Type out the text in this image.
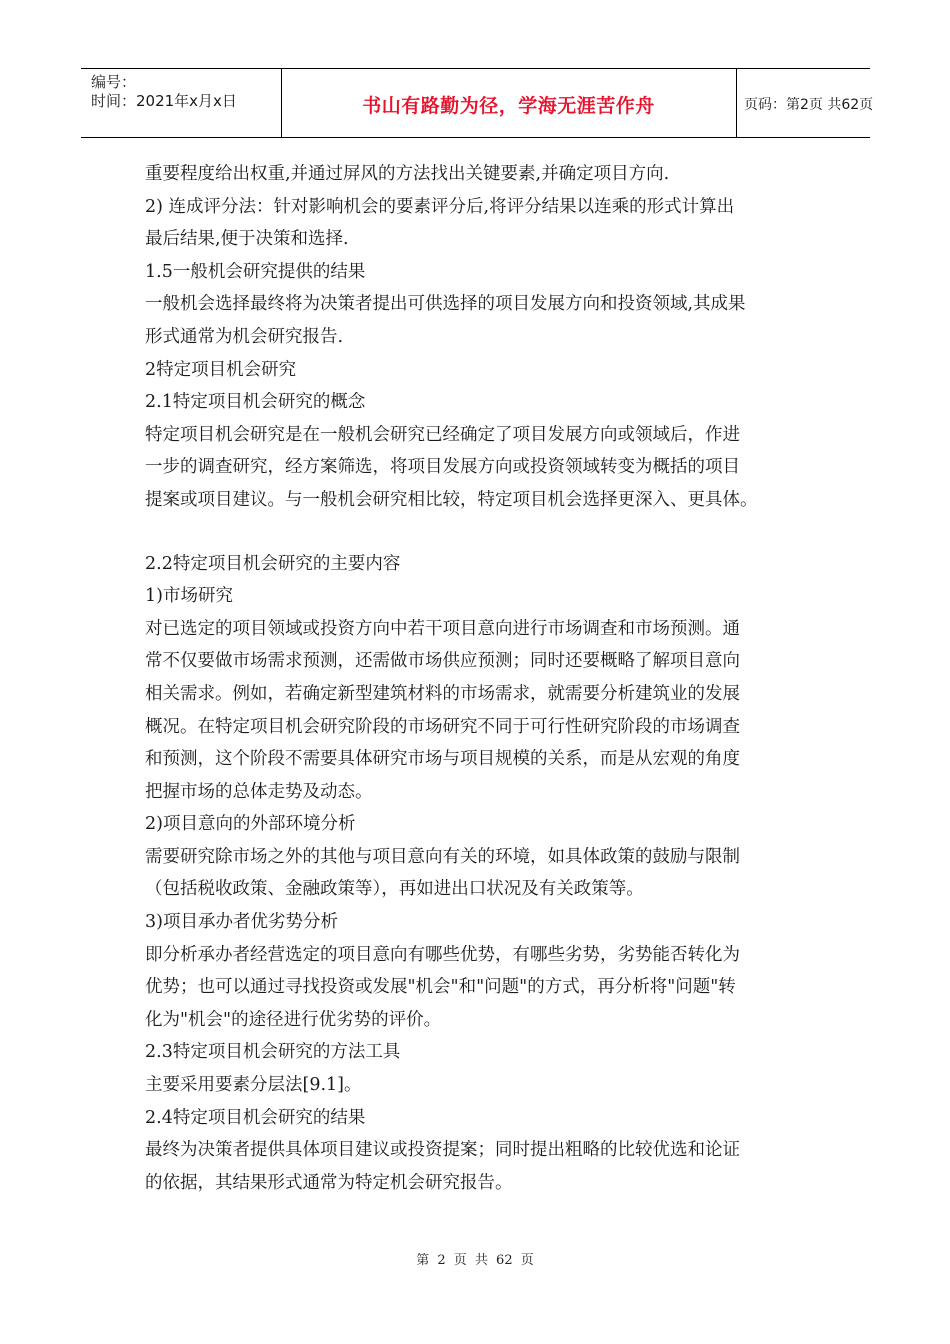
编号：
时间：2021年x月x日	书山有路勤为径，学海无涯苦作舟	页码：第2页 共62页
重要程度给出权重,并通过屏风的方法找出关键要素,并确定项目方向.
2) 连成评分法：针对影响机会的要素评分后,将评分结果以连乘的形式计算出
最后结果,便于决策和选择.
1.5一般机会研究提供的结果
一般机会选择最终将为决策者提出可供选择的项目发展方向和投资领域,其成果
形式通常为机会研究报告.
2特定项目机会研究
2.1特定项目机会研究的概念
特定项目机会研究是在一般机会研究已经确定了项目发展方向或领域后，作进
一步的调查研究，经方案筛选，将项目发展方向或投资领域转变为概括的项目
提案或项目建议。与一般机会研究相比较，特定项目机会选择更深入、更具体。
2.2特定项目机会研究的主要内容
1)市场研究
对已选定的项目领域或投资方向中若干项目意向进行市场调查和市场预测。通
常不仅要做市场需求预测，还需做市场供应预测；同时还要概略了解项目意向
相关需求。例如，若确定新型建筑材料的市场需求，就需要分析建筑业的发展
概况。在特定项目机会研究阶段的市场研究不同于可行性研究阶段的市场调查
和预测，这个阶段不需要具体研究市场与项目规模的关系，而是从宏观的角度
把握市场的总体走势及动态。
2)项目意向的外部环境分析
需要研究除市场之外的其他与项目意向有关的环境，如具体政策的鼓励与限制
（包括税收政策、金融政策等），再如进出口状况及有关政策等。
3)项目承办者优劣势分析
即分析承办者经营选定的项目意向有哪些优势，有哪些劣势，劣势能否转化为
优势；也可以通过寻找投资或发展"机会"和"问题"的方式，再分析将"问题"转
化为"机会"的途径进行优劣势的评价。
2.3特定项目机会研究的方法工具
主要采用要素分层法[9.1]。
2.4特定项目机会研究的结果
最终为决策者提供具体项目建议或投资提案；同时提出粗略的比较优选和论证
的依据，其结果形式通常为特定机会研究报告。
第 2 页 共 62 页
